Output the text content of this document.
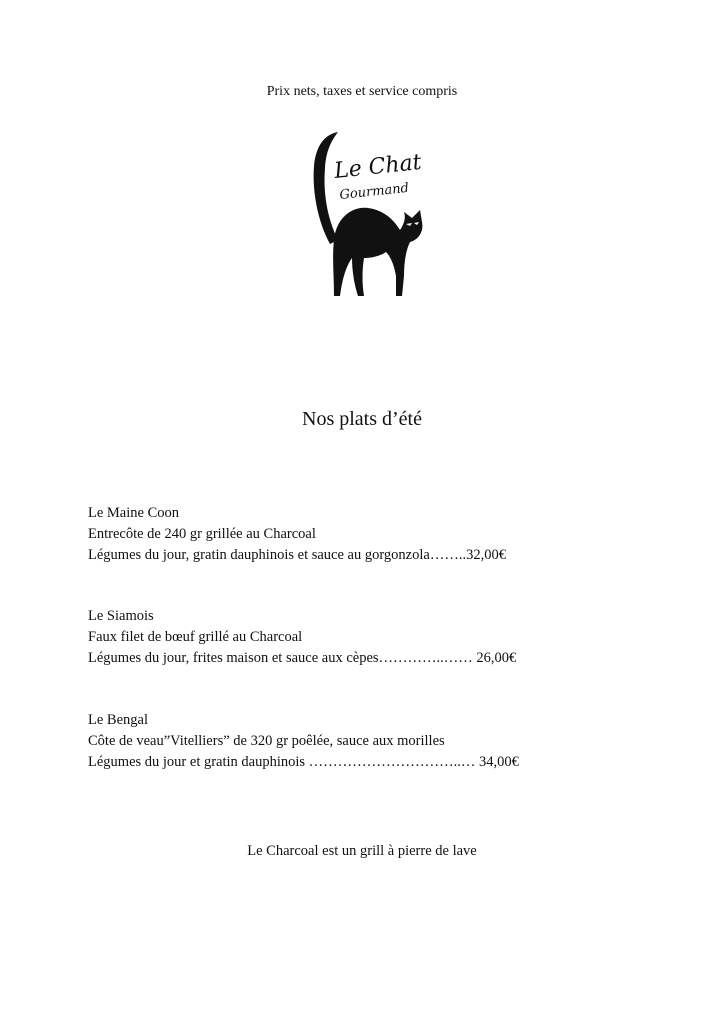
Prix nets, taxes et service compris
Le Chat
Gourmand
Nos plats d’été
Le Maine Coon
Entrecôte de 240 gr grillée au Charcoal
Légumes du jour, gratin dauphinois et sauce au gorgonzola……..32,00€
Le Siamois
Faux filet de bœuf grillé au Charcoal
Légumes du jour, frites maison et sauce aux cèpes…………..…… 26,00€
Le Bengal
Côte de veau”Vitelliers” de 320 gr poêlée, sauce aux morilles
Légumes du jour et gratin dauphinois …………………………..… 34,00€
Le Charcoal est un grill à pierre de lave
